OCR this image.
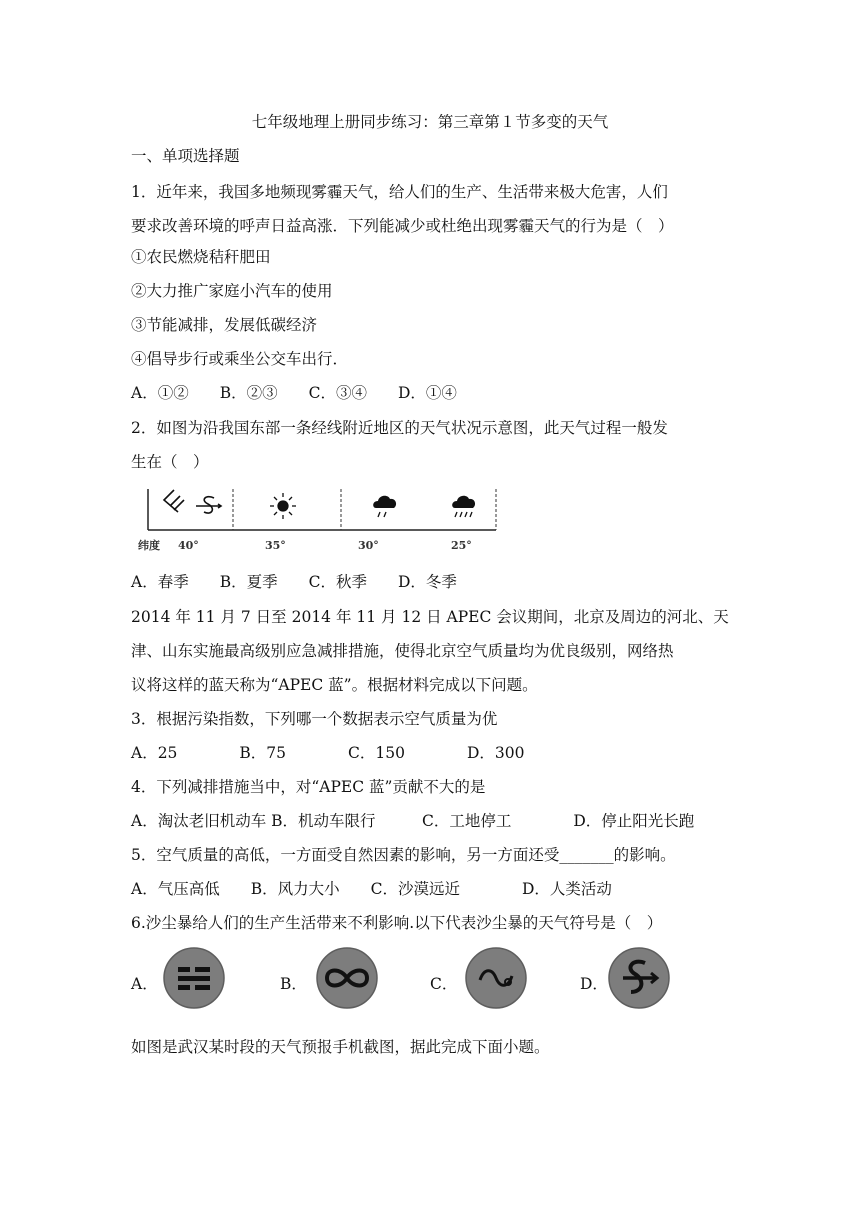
七年级地理上册同步练习：第三章第１节多变的天气
一、单项选择题
1．近年来，我国多地频现雾霾天气，给人们的生产、生活带来极大危害，人们
要求改善环境的呼声日益高涨．下列能减少或杜绝出现雾霾天气的行为是（　）
①农民燃烧秸秆肥田
②大力推广家庭小汽车的使用
③节能减排，发展低碳经济
④倡导步行或乘坐公交车出行．
A．①②　　B．②③　　C．③④　　D．①④
2．如图为沿我国东部一条经线附近地区的天气状况示意图，此天气过程一般发
生在（　）
纬度 40°	35°	30°	25°
A．春季　　B．夏季　　C．秋季　　D．冬季
2014 年 11 月 7 日至 2014 年 11 月 12 日 APEC 会议期间，北京及周边的河北、天
津、山东实施最高级别应急减排措施，使得北京空气质量均为优良级别，网络热
议将这样的蓝天称为“APEC 蓝”。根据材料完成以下问题。
3．根据污染指数，下列哪一个数据表示空气质量为优
A．25　　　　B．75　　　　C．150　　　　D．300
4．下列减排措施当中，对“APEC 蓝”贡献不大的是
A．淘汰老旧机动车 B．机动车限行　　　C．工地停工　　　　D．停止阳光长跑
5．空气质量的高低，一方面受自然因素的影响，另一方面还受_______的影响。
A．气压高低　　B．风力大小　　C．沙漠远近　　　　D．人类活动
6.沙尘暴给人们的生产生活带来不利影响.以下代表沙尘暴的天气符号是（　）
A．	B．	C．	D．
如图是武汉某时段的天气预报手机截图，据此完成下面小题。
